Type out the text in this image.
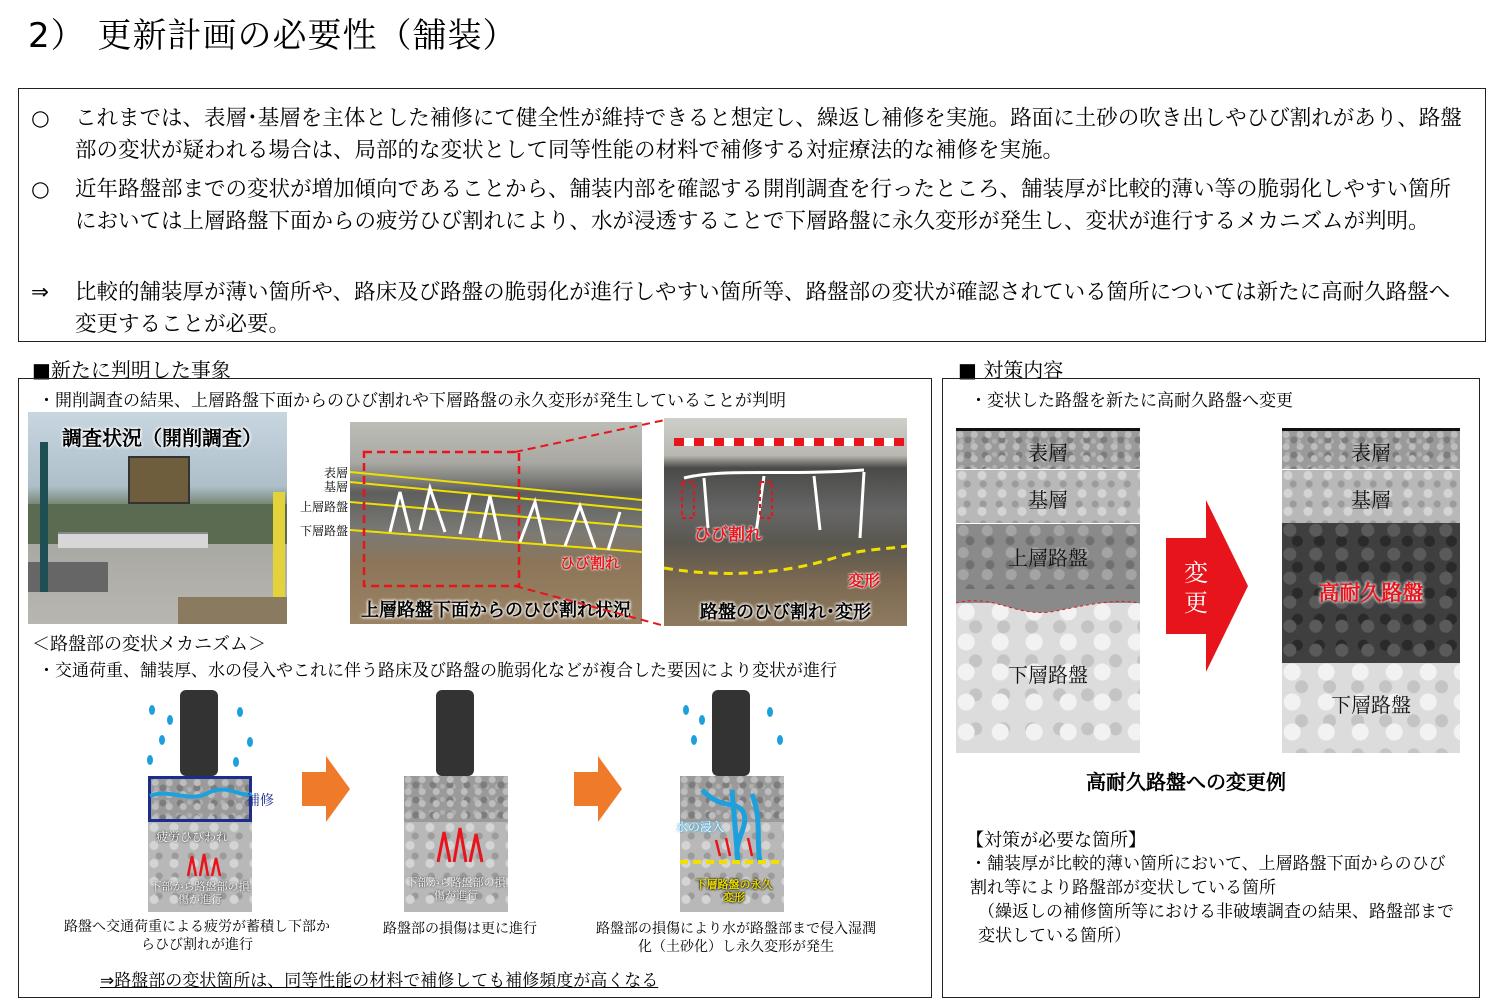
2） 更新計画の必要性（舗装）
○	これまでは、表層･基層を主体とした補修にて健全性が維持できると想定し、繰返し補修を実施。路面に土砂の吹き出しやひび割れがあり、路盤部の変状が疑われる場合は、局部的な変状として同等性能の材料で補修する対症療法的な補修を実施。
○	近年路盤部までの変状が増加傾向であることから、舗装内部を確認する開削調査を行ったところ、舗装厚が比較的薄い等の脆弱化しやすい箇所においては上層路盤下面からの疲労ひび割れにより、水が浸透することで下層路盤に永久変形が発生し、変状が進行するメカニズムが判明。
⇒	比較的舗装厚が薄い箇所や、路床及び路盤の脆弱化が進行しやすい箇所等、路盤部の変状が確認されている箇所については新たに高耐久路盤へ変更することが必要。
■新たに判明した事象
・開削調査の結果、上層路盤下面からのひび割れや下層路盤の永久変形が発生していることが判明
調査状況（開削調査）
表層
基層
上層路盤
下層路盤
ひび割れ
上層路盤下面からのひび割れ状況
ひび割れ
変形
路盤のひび割れ･変形
＜路盤部の変状メカニズム＞
・交通荷重、舗装厚、水の侵入やこれに伴う路床及び路盤の脆弱化などが複合した要因により変状が進行
補修
疲労ひびわれ
下部から路盤部の損傷が進行
路盤へ交通荷重による疲労が蓄積し下部からひび割れが進行
下部から路盤部の損傷が進行
路盤部の損傷は更に進行
水の浸入
下層路盤の永久変形
路盤部の損傷により水が路盤部まで侵入湿潤化（土砂化）し永久変形が発生
⇒路盤部の変状箇所は、同等性能の材料で補修しても補修頻度が高くなる
■ 対策内容
・変状した路盤を新たに高耐久路盤へ変更
表層
基層
上層路盤
下層路盤
変更
表層
基層
高耐久路盤
下層路盤
高耐久路盤への変更例
【対策が必要な箇所】
・舗装厚が比較的薄い箇所において、上層路盤下面からのひび割れ等により路盤部が変状している箇所
（繰返しの補修箇所等における非破壊調査の結果、路盤部まで変状している箇所）
